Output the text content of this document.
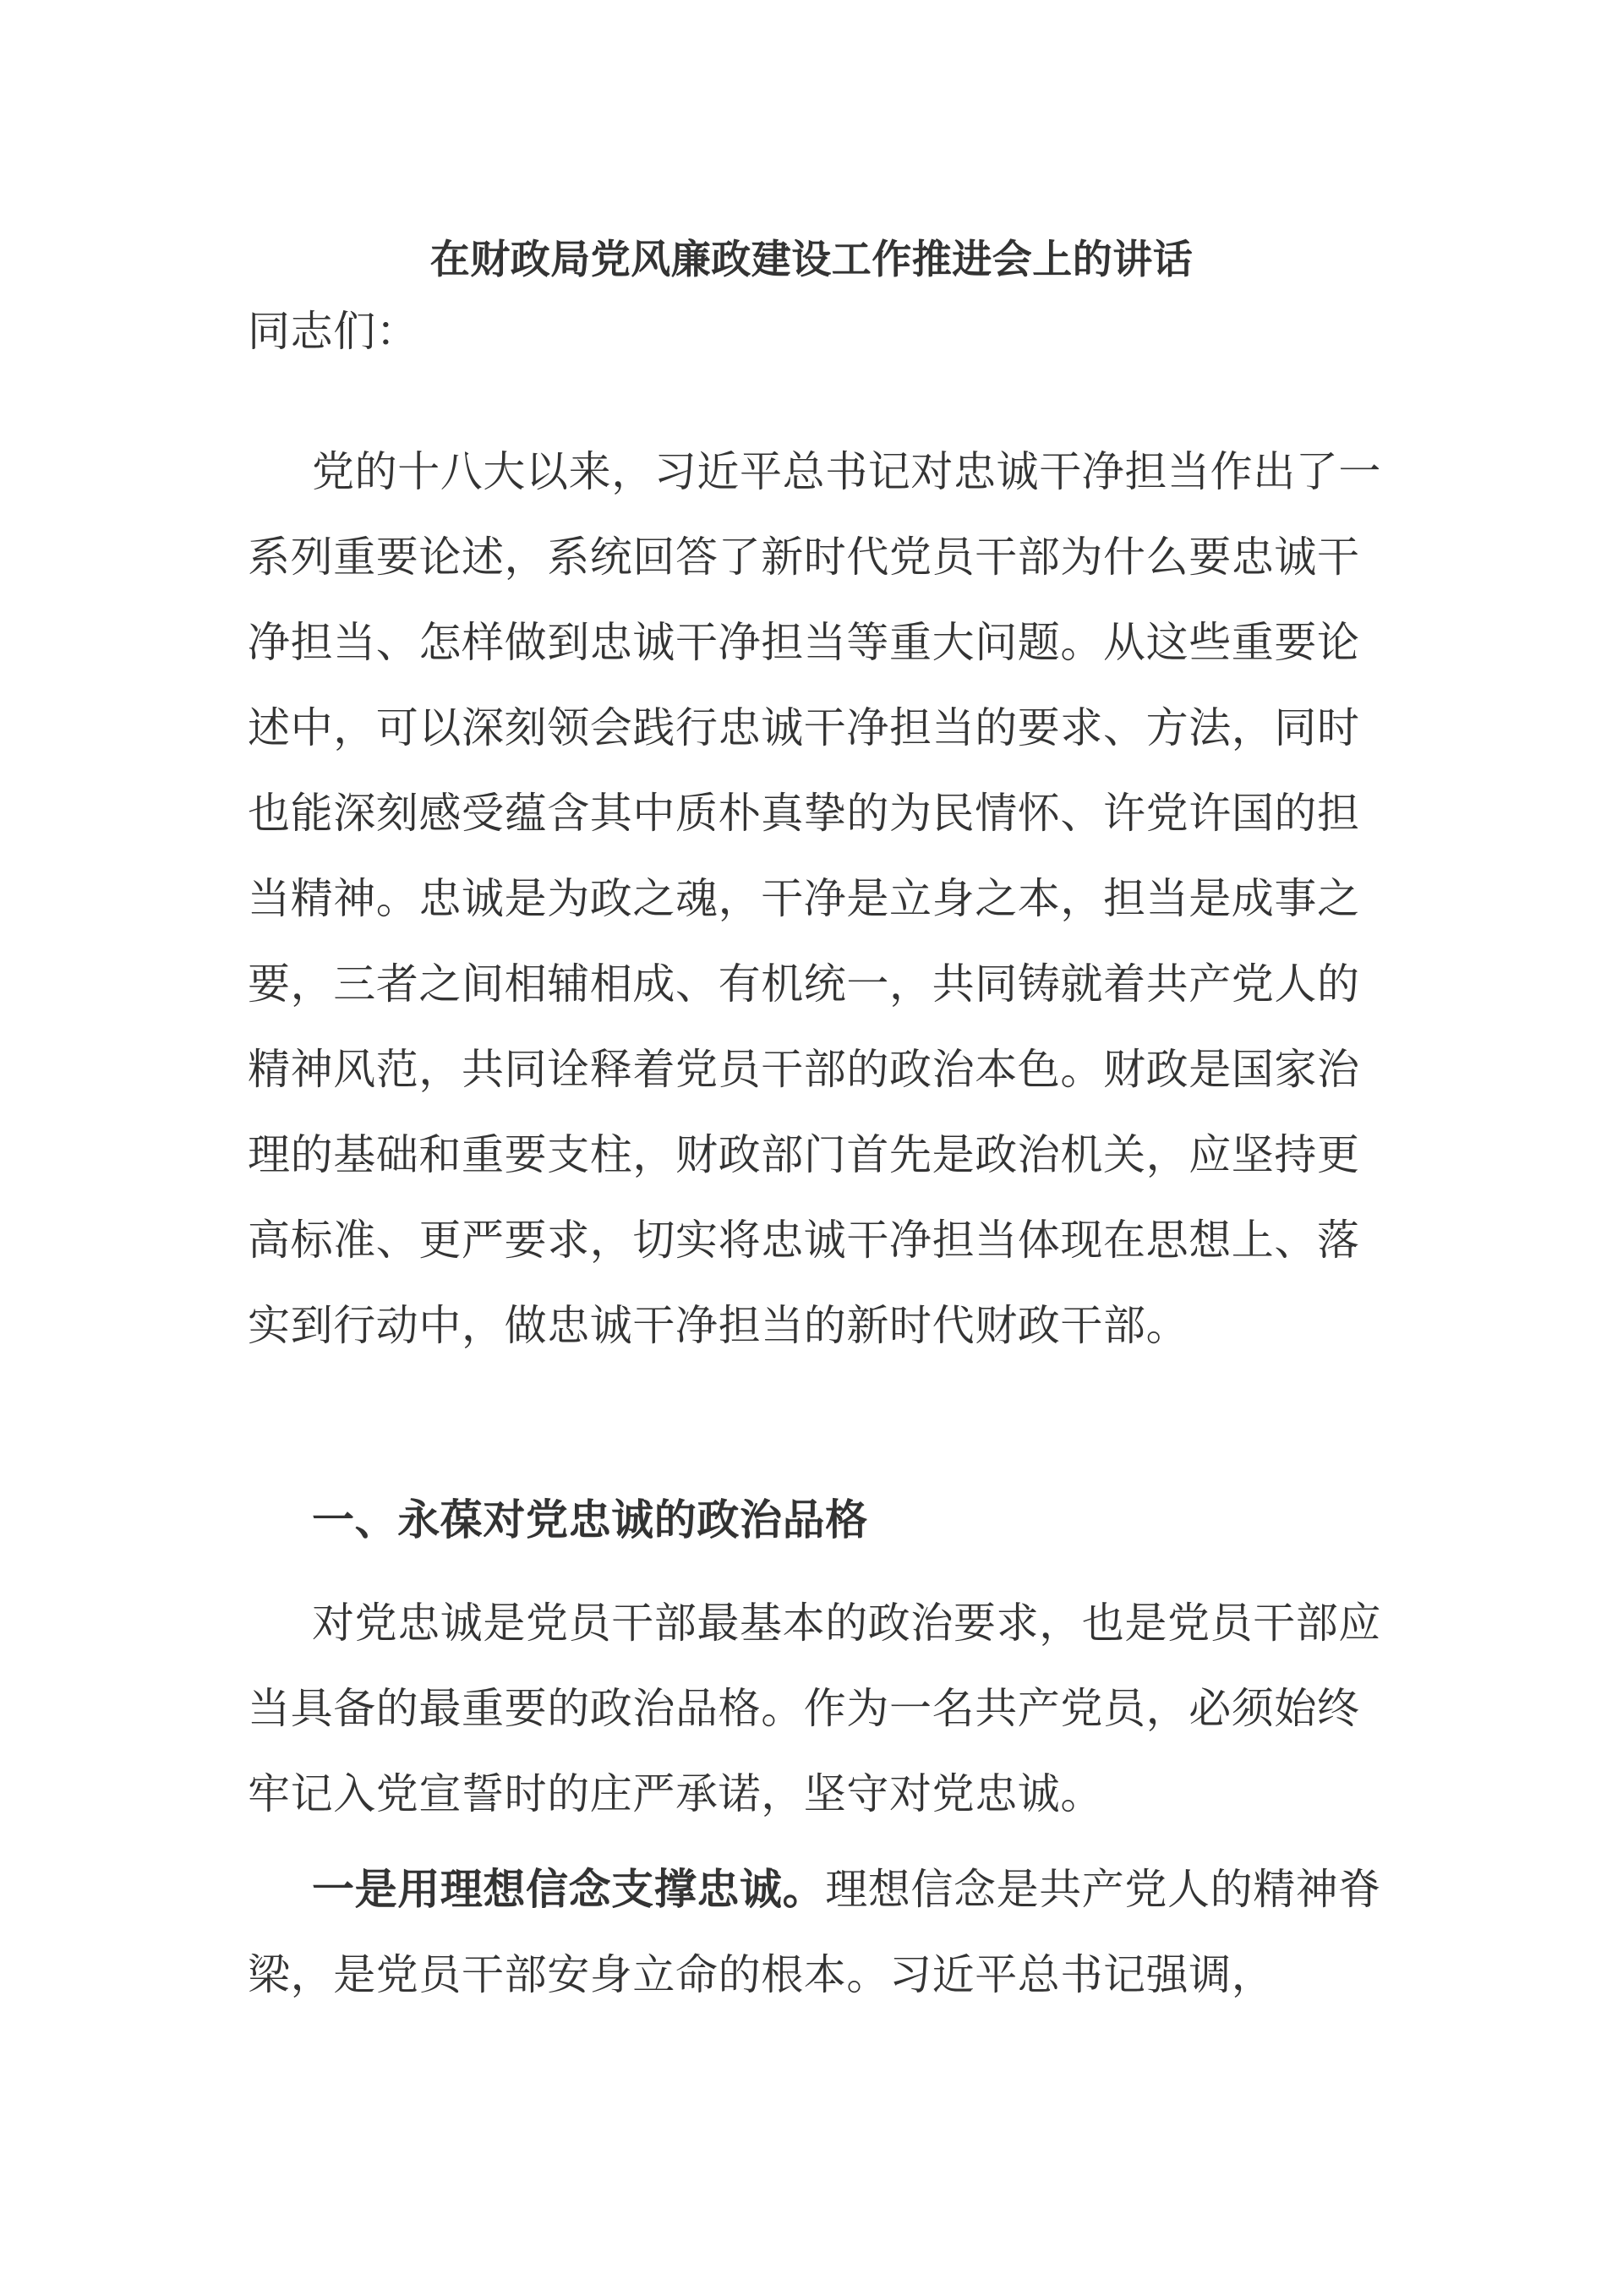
在财政局党风廉政建设工作推进会上的讲话

同志们：

党的十八大以来，习近平总书记对忠诚干净担当作出了一系列重要论述，系统回答了新时代党员干部为什么要忠诚干净担当、怎样做到忠诚干净担当等重大问题。从这些重要论述中，可以深刻领会践行忠诚干净担当的要求、方法，同时也能深刻感受蕴含其中质朴真挚的为民情怀、许党许国的担当精神。忠诚是为政之魂，干净是立身之本，担当是成事之要，三者之间相辅相成、有机统一，共同铸就着共产党人的精神风范，共同诠释着党员干部的政治本色。财政是国家治理的基础和重要支柱，财政部门首先是政治机关，应坚持更高标准、更严要求，切实将忠诚干净担当体现在思想上、落实到行动中，做忠诚干净担当的新时代财政干部。

一、永葆对党忠诚的政治品格

对党忠诚是党员干部最基本的政治要求，也是党员干部应当具备的最重要的政治品格。作为一名共产党员，必须始终牢记入党宣誓时的庄严承诺，坚守对党忠诚。

一是用理想信念支撑忠诚。理想信念是共产党人的精神脊梁，是党员干部安身立命的根本。习近平总书记强调，
